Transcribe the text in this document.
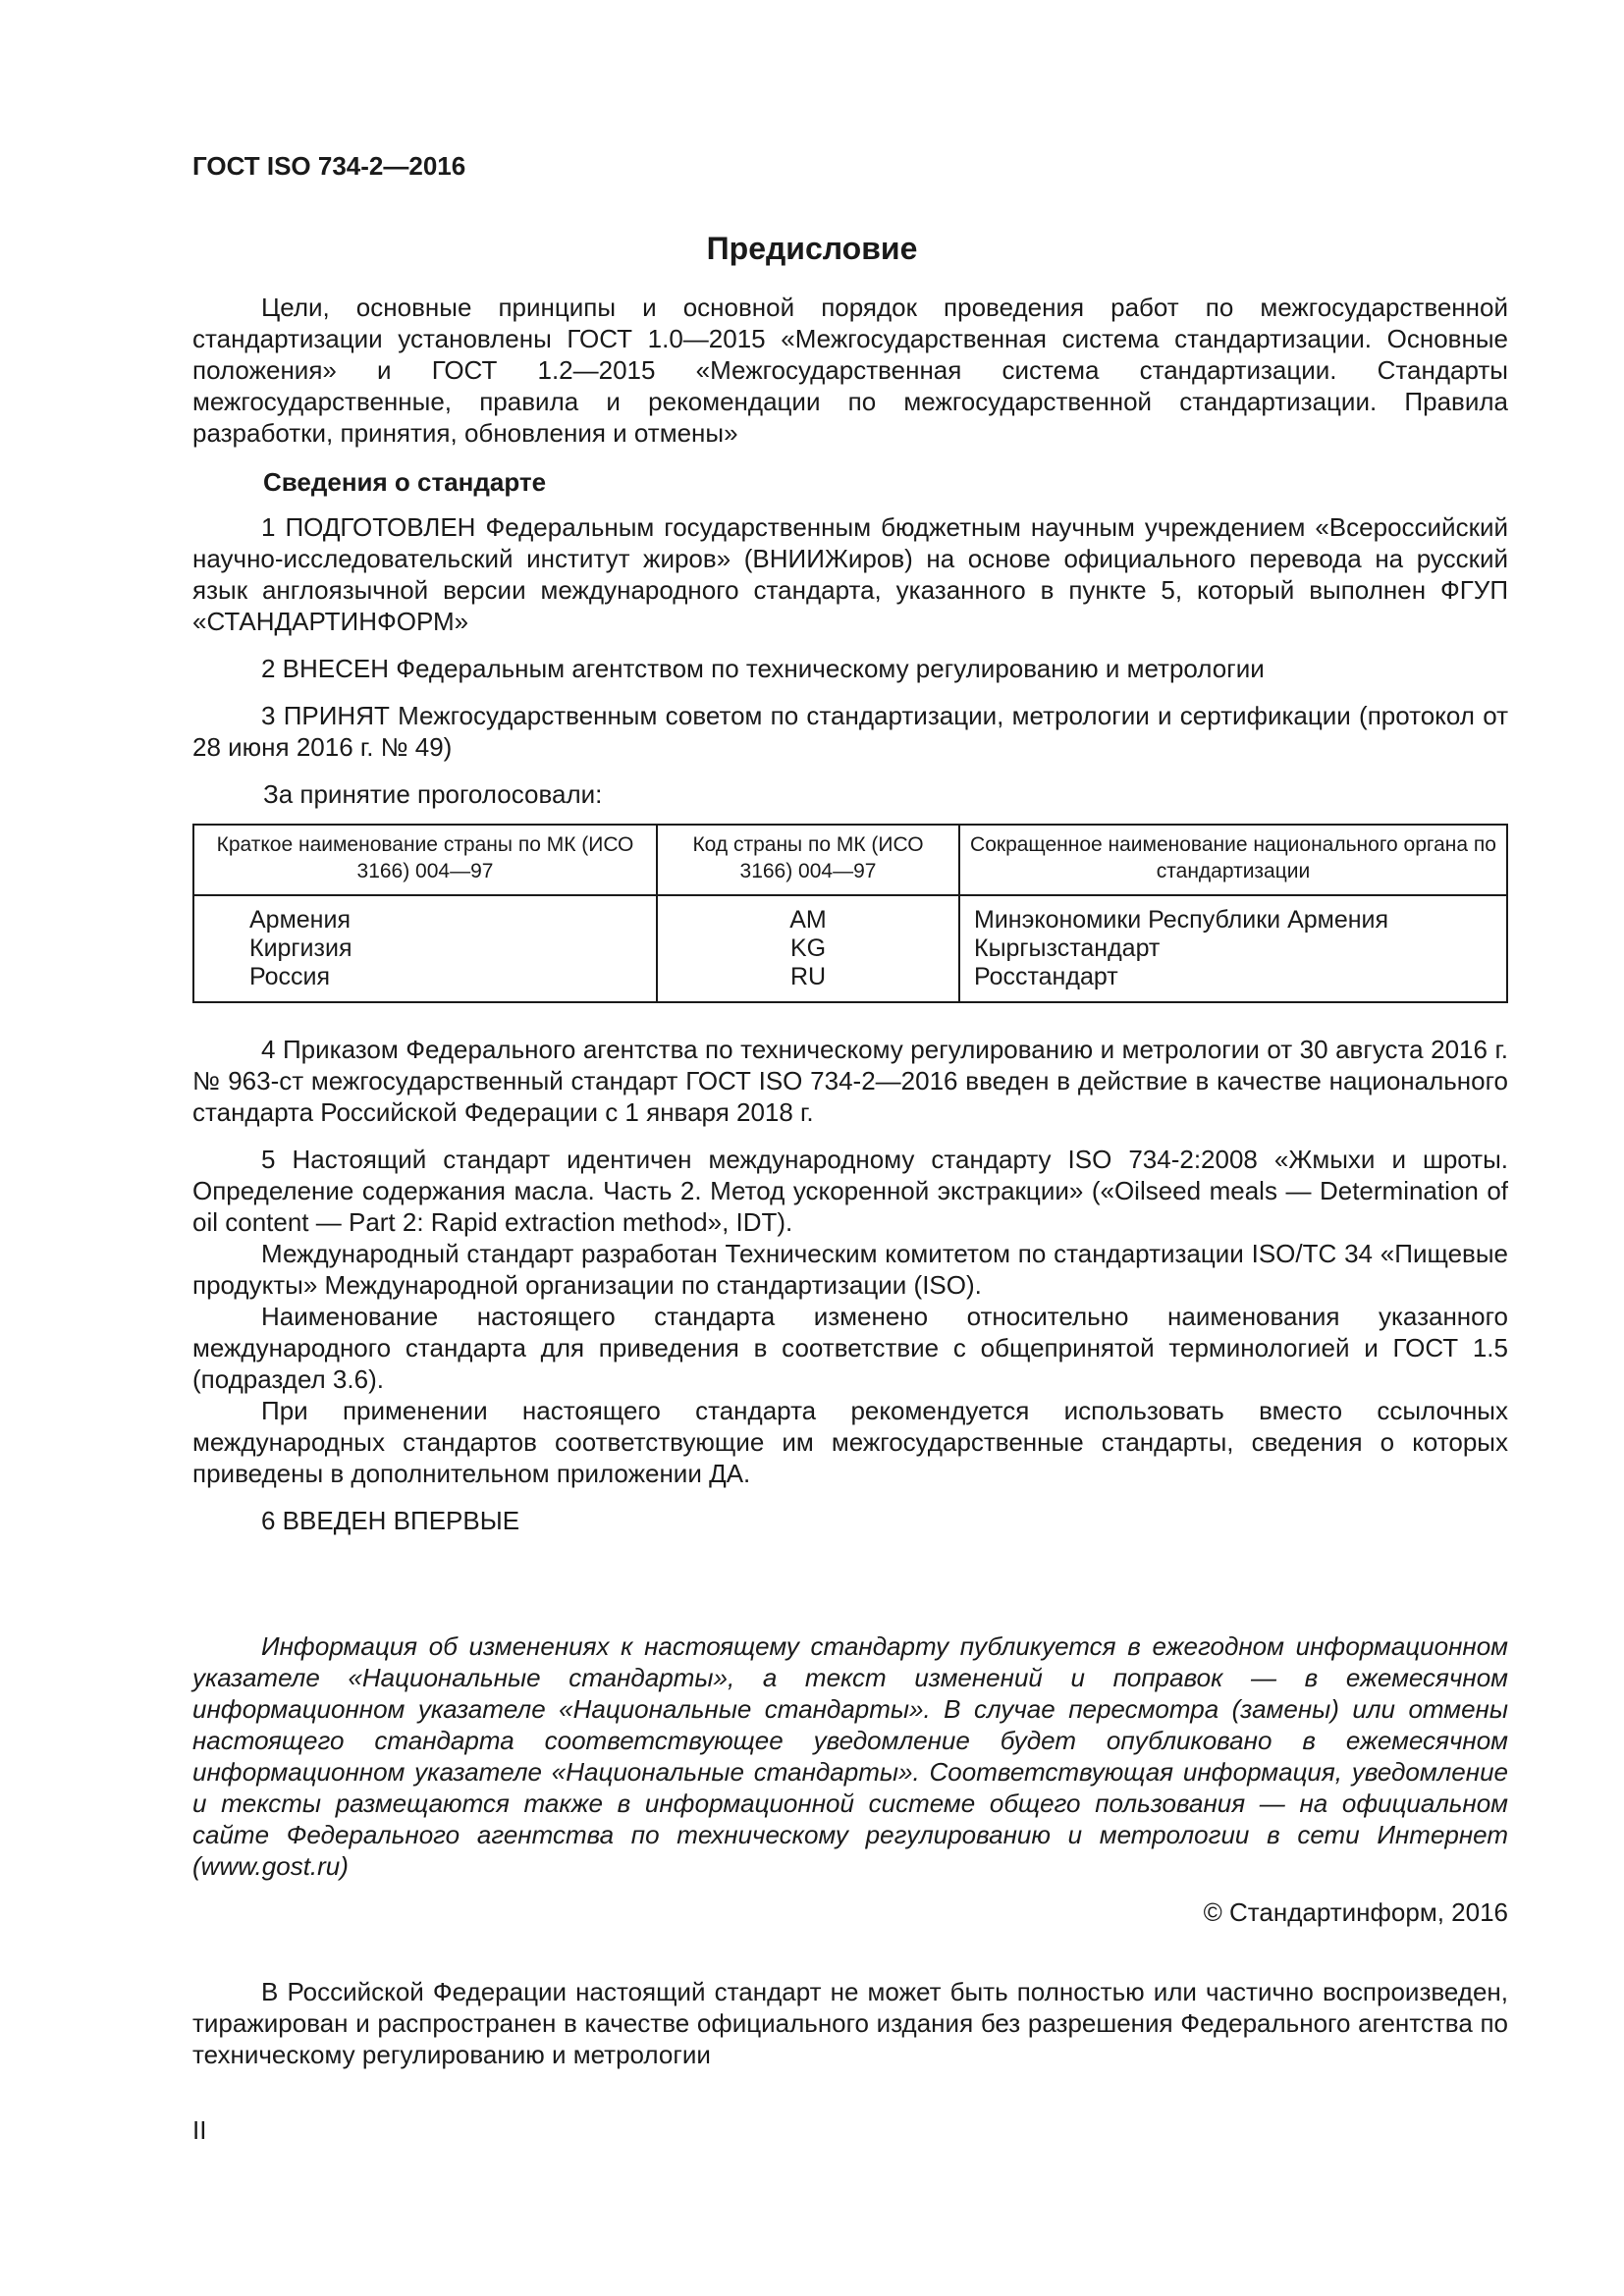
ГОСТ ISO 734-2—2016
Предисловие

Цели, основные принципы и основной порядок проведения работ по межгосударственной стандартизации установлены ГОСТ 1.0—2015 «Межгосударственная система стандартизации. Основные положения» и ГОСТ 1.2—2015 «Межгосударственная система стандартизации. Стандарты межгосударственные, правила и рекомендации по межгосударственной стандартизации. Правила разработки, принятия, обновления и отмены»

Сведения о стандарте

1 ПОДГОТОВЛЕН Федеральным государственным бюджетным научным учреждением «Всероссийский научно-исследовательский институт жиров» (ВНИИЖиров) на основе официального перевода на русский язык англоязычной версии международного стандарта, указанного в пункте 5, который выполнен ФГУП «СТАНДАРТИНФОРМ»

2 ВНЕСЕН Федеральным агентством по техническому регулированию и метрологии

3 ПРИНЯТ Межгосударственным советом по стандартизации, метрологии и сертификации (протокол от 28 июня 2016 г. № 49)

За принятие проголосовали:
Краткое наименование страны по МК (ИСО 3166) 004—97	Код страны по МК (ИСО 3166) 004—97	Сокращенное наименование национального органа по стандартизации
Армения	AM	Минэкономики Республики Армения
Киргизия	KG	Кыргызстандарт
Россия	RU	Росстандарт

4 Приказом Федерального агентства по техническому регулированию и метрологии от 30 августа 2016 г. № 963-ст межгосударственный стандарт ГОСТ ISO 734-2—2016 введен в действие в качестве национального стандарта Российской Федерации с 1 января 2018 г.

5 Настоящий стандарт идентичен международному стандарту ISO 734-2:2008 «Жмыхи и шроты. Определение содержания масла. Часть 2. Метод ускоренной экстракции» («Oilseed meals — Determination of oil content — Part 2: Rapid extraction method», IDT).

Международный стандарт разработан Техническим комитетом по стандартизации ISO/TC 34 «Пищевые продукты» Международной организации по стандартизации (ISO).

Наименование настоящего стандарта изменено относительно наименования указанного международного стандарта для приведения в соответствие с общепринятой терминологией и ГОСТ 1.5 (подраздел 3.6).

При применении настоящего стандарта рекомендуется использовать вместо ссылочных международных стандартов соответствующие им межгосударственные стандарты, сведения о которых приведены в дополнительном приложении ДА.

6 ВВЕДЕН ВПЕРВЫЕ

Информация об изменениях к настоящему стандарту публикуется в ежегодном информационном указателе «Национальные стандарты», а текст изменений и поправок — в ежемесячном информационном указателе «Национальные стандарты». В случае пересмотра (замены) или отмены настоящего стандарта соответствующее уведомление будет опубликовано в ежемесячном информационном указателе «Национальные стандарты». Соответствующая информация, уведомление и тексты размещаются также в информационной системе общего пользования — на официальном сайте Федерального агентства по техническому регулированию и метрологии в сети Интернет (www.gost.ru)

© Стандартинформ, 2016

В Российской Федерации настоящий стандарт не может быть полностью или частично воспроизведен, тиражирован и распространен в качестве официального издания без разрешения Федерального агентства по техническому регулированию и метрологии

II
